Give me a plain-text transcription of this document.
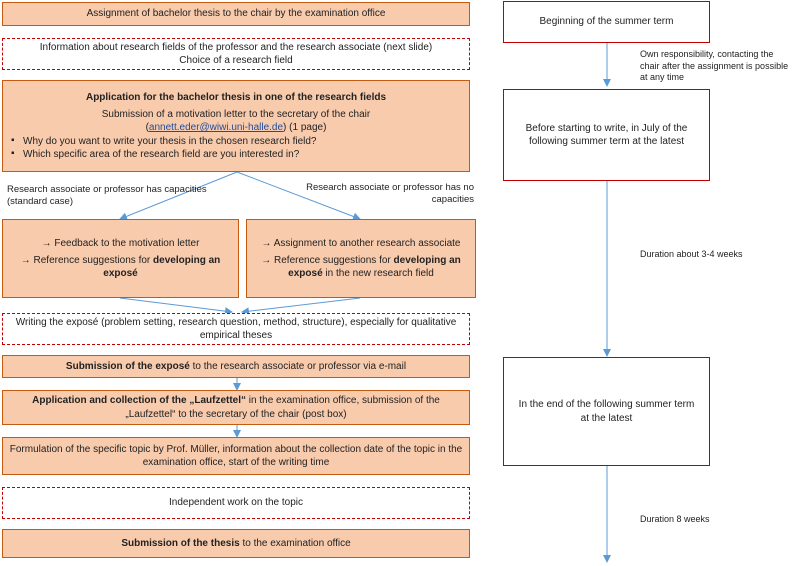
Assignment of bachelor thesis to the chair by the examination office
Information about research fields of the professor and the research associate (next slide)
Choice of a research field
Application for the bachelor thesis in one of the research fields
Submission of a motivation letter to the secretary of the chair
(annett.eder@wiwi.uni-halle.de) (1 page)
▪ Why do you want to write your thesis in the chosen research field?
▪ Which specific area of the research field are you interested in?
Research associate or professor has capacities (standard case)
Research associate or professor has no capacities
→ Feedback to the motivation letter
→ Reference suggestions for developing an exposé
→ Assignment to another research associate
→ Reference suggestions for developing an exposé in the new research field
Writing the exposé (problem setting, research question, method, structure), especially for qualitative empirical theses
Submission of the exposé to the research associate or professor via e-mail
Application and collection of the „Laufzettel“ in the examination office, submission of the „Laufzettel“ to the secretary of the chair (post box)
Formulation of the specific topic by Prof. Müller, information about the collection date of the topic in the examination office, start of the writing time
Independent work on the topic
Submission of the thesis to the examination office
Beginning of the summer term
Own responsibility, contacting the chair after the assignment is possible at any time
Before starting to write, in July of the following summer term at the latest
Duration about 3-4 weeks
In the end of the following summer term at the latest
Duration 8 weeks
